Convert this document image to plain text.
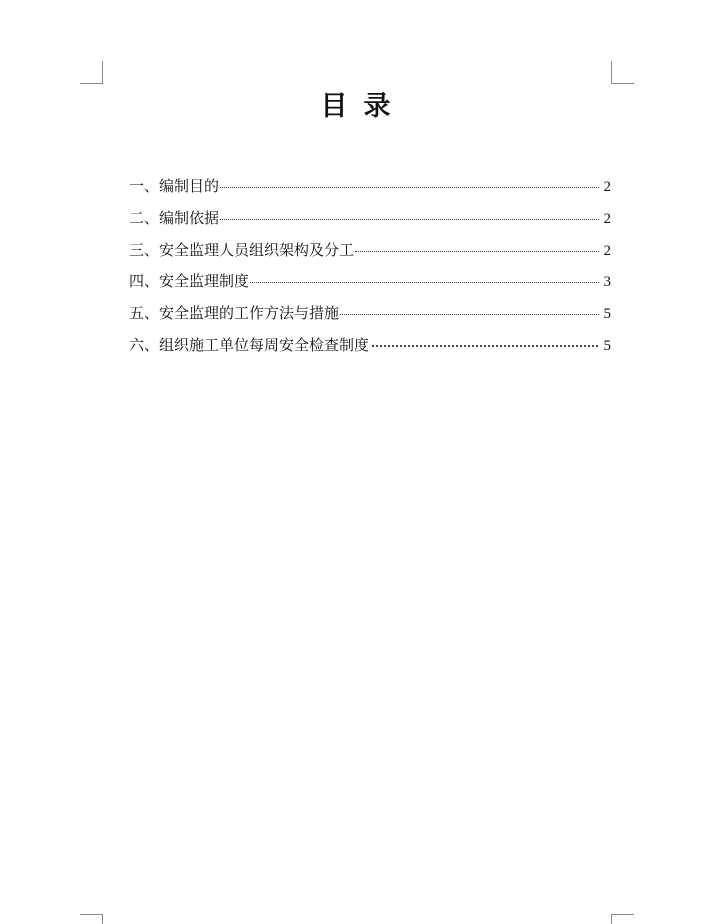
目 录
一、编制目的	2
二、编制依据	2
三、安全监理人员组织架构及分工	2
四、安全监理制度	3
五、安全监理的工作方法与措施	5
六、组织施工单位每周安全检查制度	5
